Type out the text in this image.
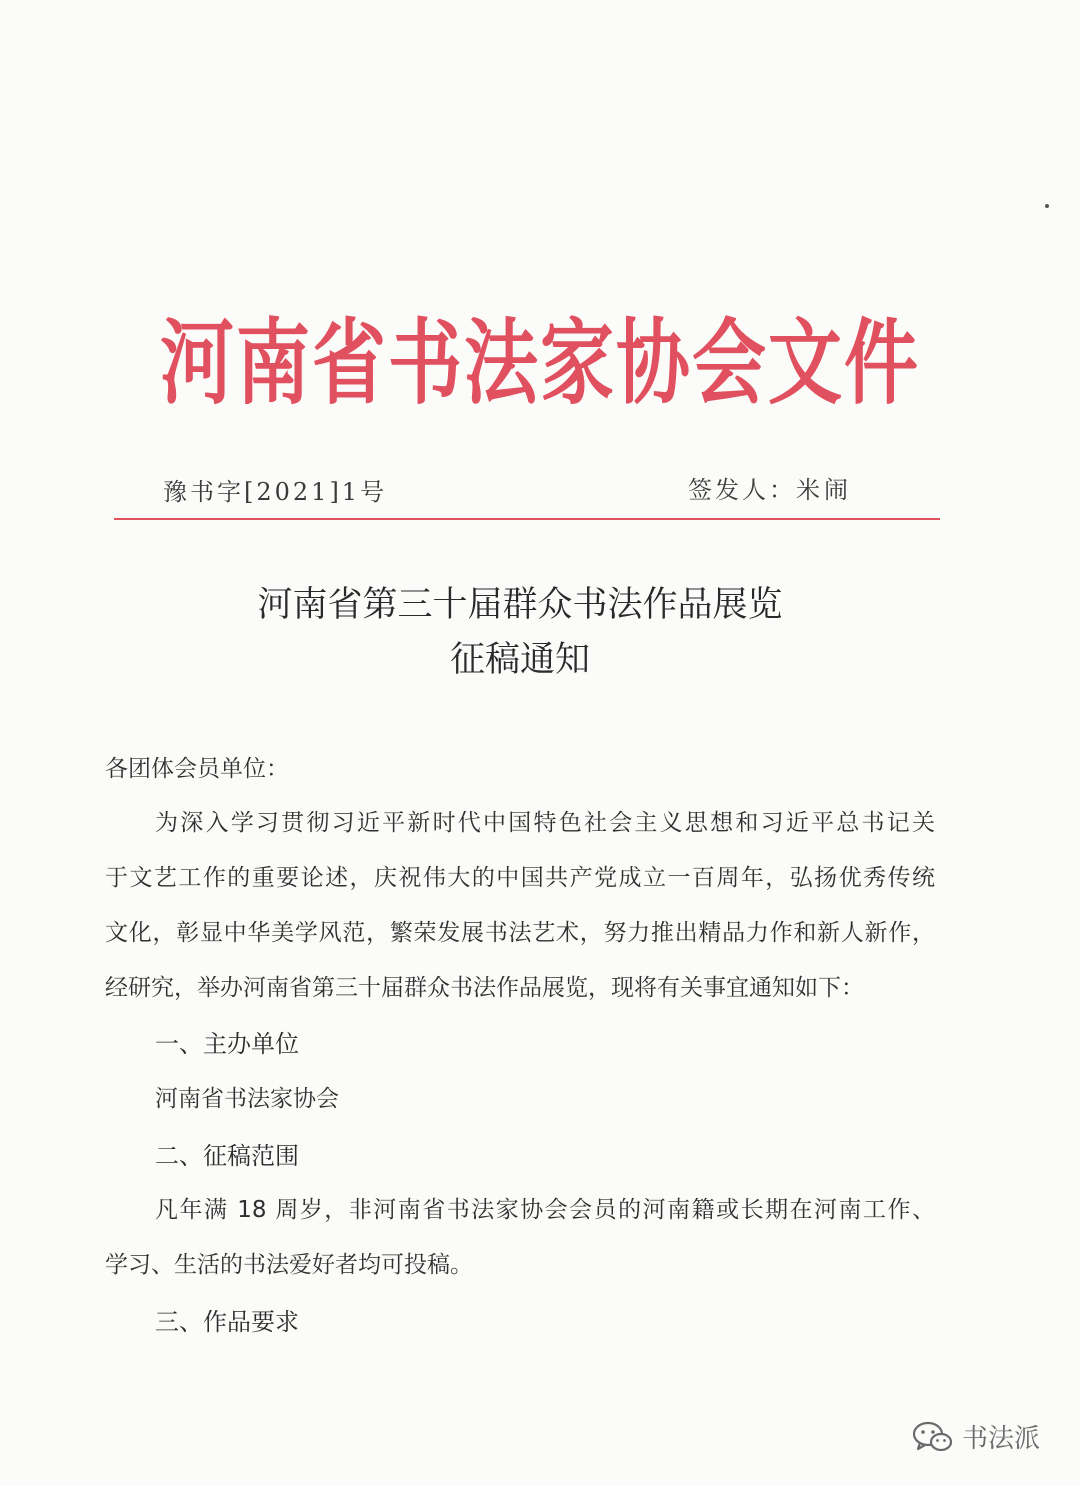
河南省书法家协会文件
豫书字[2021]1号	签发人：米闹
河南省第三十届群众书法作品展览
征稿通知
各团体会员单位：
为深入学习贯彻习近平新时代中国特色社会主义思想和习近平总书记关
于文艺工作的重要论述，庆祝伟大的中国共产党成立一百周年，弘扬优秀传统
文化，彰显中华美学风范，繁荣发展书法艺术，努力推出精品力作和新人新作，
经研究，举办河南省第三十届群众书法作品展览，现将有关事宜通知如下：
一、主办单位
河南省书法家协会
二、征稿范围
凡年满 18 周岁，非河南省书法家协会会员的河南籍或长期在河南工作、
学习、生活的书法爱好者均可投稿。
三、作品要求
书法派
